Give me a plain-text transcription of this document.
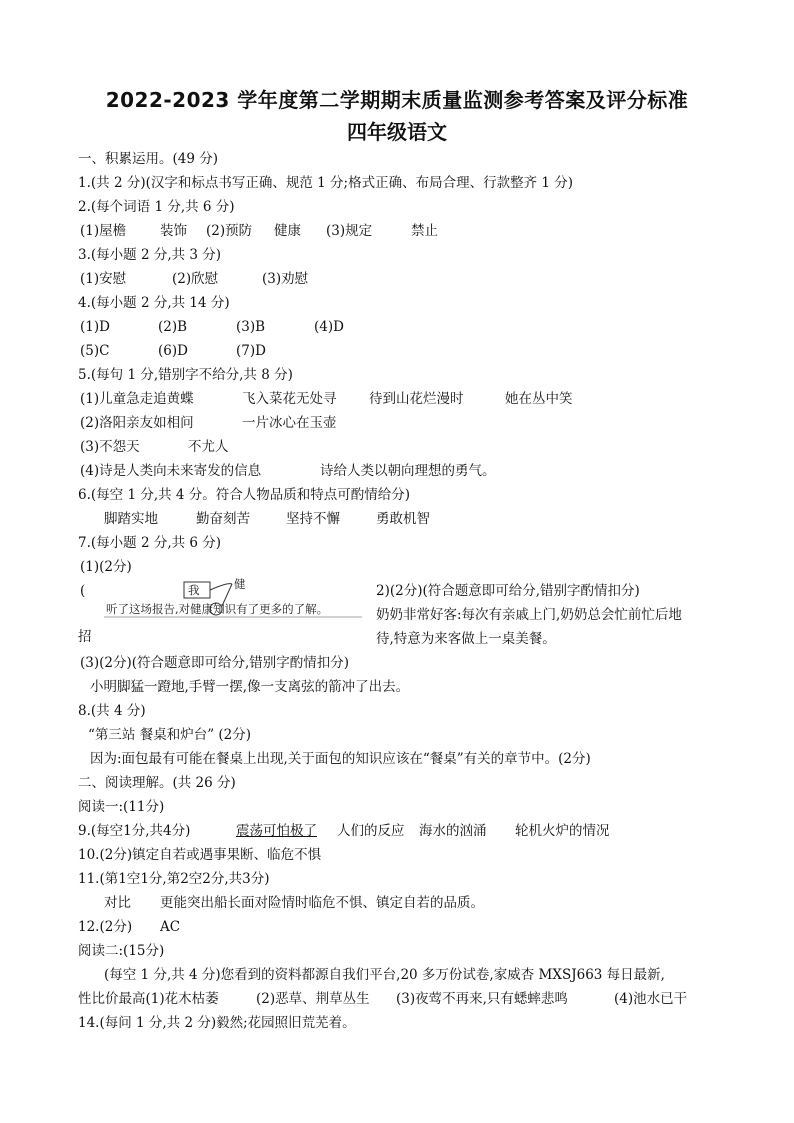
2022-2023 学年度第二学期期末质量监测参考答案及评分标准
四年级语文
一、积累运用。(49 分)
1.(共 2 分)(汉字和标点书写正确、规范 1 分;格式正确、布局合理、行款整齐 1 分)
2.(每个词语 1 分,共 6 分)
(1)屋檐	装饰 (2)预防 健康 (3)规定	禁止
3.(每小题 2 分,共 3 分)
(1)安慰	(2)欣慰	(3)劝慰
4.(每小题 2 分,共 14 分)
(1)D	(2)B	(3)B	(4)D
(5)C	(6)D	(7)D
5.(每句 1 分,错别字不给分,共 8 分)
(1)儿童急走追黄蝶	飞入菜花无处寻 待到山花烂漫时	她在丛中笑
(2)洛阳亲友如相问	一片冰心在玉壶
(3)不怨天	不尤人
(4)诗是人类向未来寄发的信息	诗给人类以朝向理想的勇气。
6.(每空 1 分,共 4 分。符合人物品质和特点可酌情给分)
脚踏实地	勤奋刻苦	坚持不懈	勇敢机智
7.(每小题 2 分,共 6 分)
(1)(2分)
(	我	健
听了这场报告,对健康知识有了更多的了解。
招
2)(2分)(符合题意即可给分,错别字酌情扣分)
奶奶非常好客:每次有亲戚上门,奶奶总会忙前忙后地
待,特意为来客做上一桌美餐。
(3)(2分)(符合题意即可给分,错别字酌情扣分)
小明脚猛一蹬地,手臂一摆,像一支离弦的箭冲了出去。
8.(共 4 分)
“第三站 餐桌和炉台” (2分)
因为:面包最有可能在餐桌上出现,关于面包的知识应该在“餐桌”有关的章节中。(2分)
二、阅读理解。(共 26 分)
阅读一:(11分)
9.(每空1分,共4分)	震荡可怕极了 人们的反应 海水的汹涌 轮机火炉的情况
10.(2分)镇定自若或遇事果断、临危不惧
11.(第1空1分,第2空2分,共3分)
对比 更能突出船长面对险情时临危不惧、镇定自若的品质。
12.(2分) AC
阅读二:(15分)
(每空 1 分,共 4 分)您看到的资料都源自我们平台,20 多万份试卷,家威杏 MXSJ663 每日最新,
性比价最高(1)花木枯萎	(2)恶草、荆草丛生 (3)夜莺不再来,只有蟋蟀悲鸣	(4)池水已干
14.(每问 1 分,共 2 分)毅然;花园照旧荒芜着。
